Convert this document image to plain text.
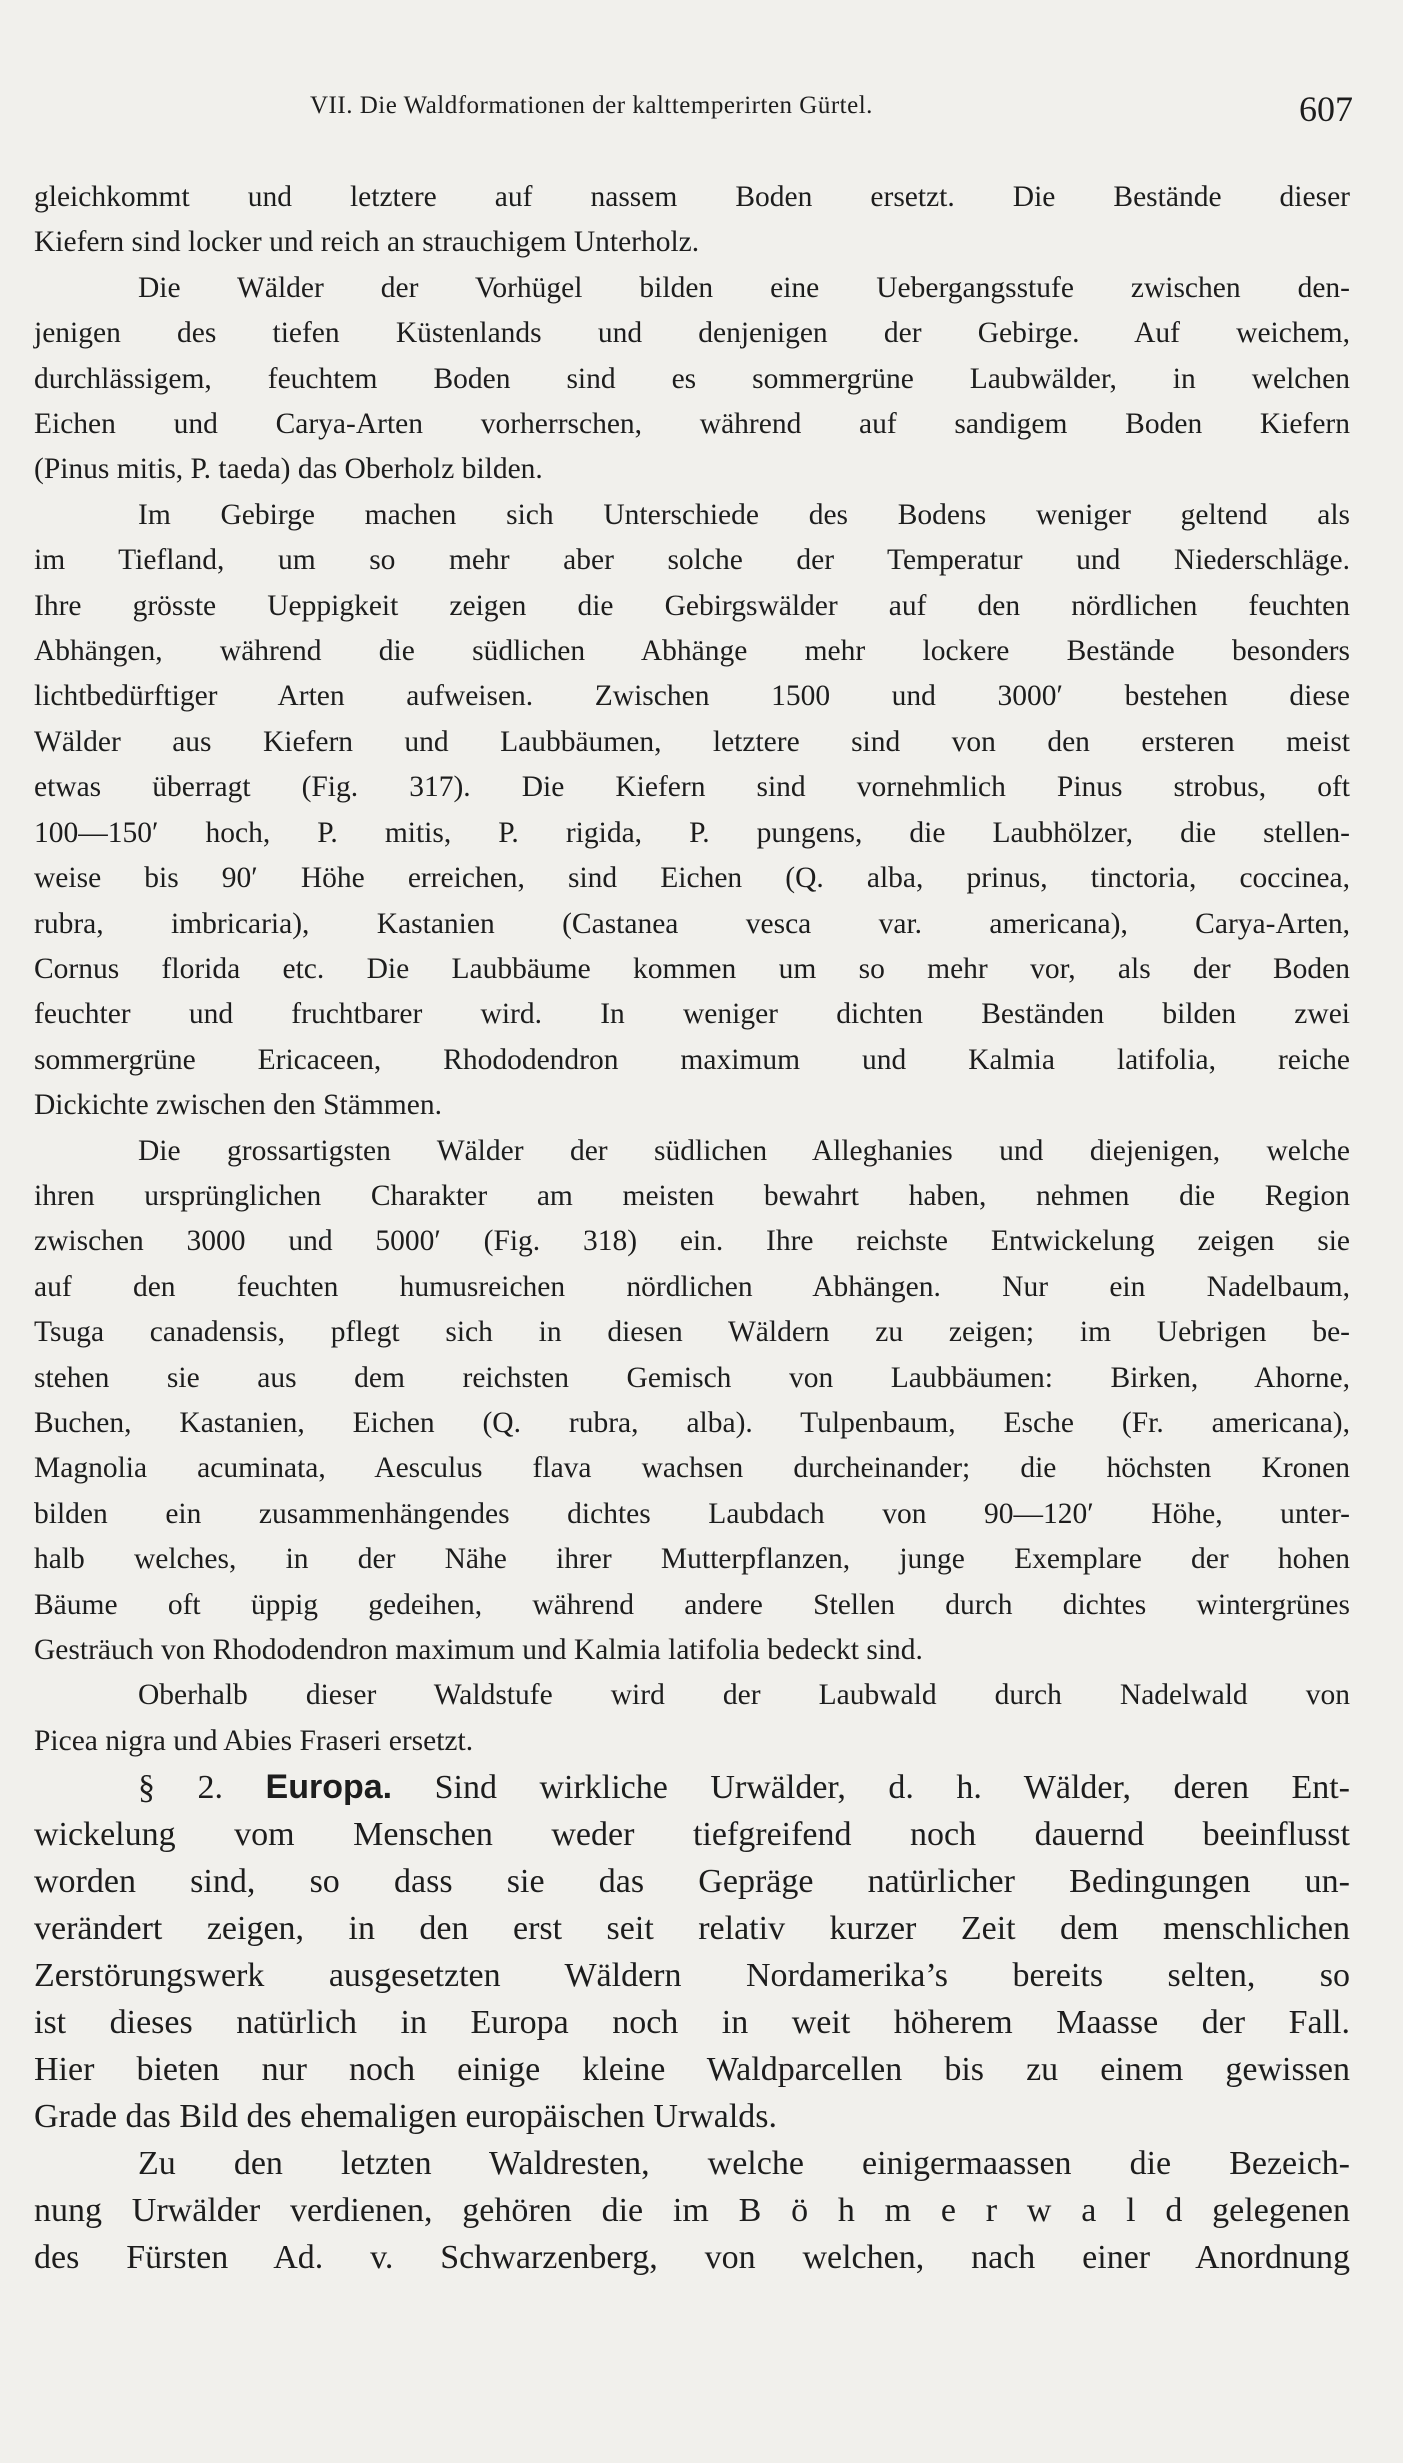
VII. Die Waldformationen der kalttemperirten Gürtel.	607
gleichkommt und letztere auf nassem Boden ersetzt. Die Bestände dieser
Kiefern sind locker und reich an strauchigem Unterholz.
Die Wälder der Vorhügel bilden eine Uebergangsstufe zwischen den-
jenigen des tiefen Küstenlands und denjenigen der Gebirge. Auf weichem,
durchlässigem, feuchtem Boden sind es sommergrüne Laubwälder, in welchen
Eichen und Carya-Arten vorherrschen, während auf sandigem Boden Kiefern
(Pinus mitis, P. taeda) das Oberholz bilden.
Im Gebirge machen sich Unterschiede des Bodens weniger geltend als
im Tiefland, um so mehr aber solche der Temperatur und Niederschläge.
Ihre grösste Ueppigkeit zeigen die Gebirgswälder auf den nördlichen feuchten
Abhängen, während die südlichen Abhänge mehr lockere Bestände besonders
lichtbedürftiger Arten aufweisen. Zwischen 1500 und 3000′ bestehen diese
Wälder aus Kiefern und Laubbäumen, letztere sind von den ersteren meist
etwas überragt (Fig. 317). Die Kiefern sind vornehmlich Pinus strobus, oft
100—150′ hoch, P. mitis, P. rigida, P. pungens, die Laubhölzer, die stellen-
weise bis 90′ Höhe erreichen, sind Eichen (Q. alba, prinus, tinctoria, coccinea,
rubra, imbricaria), Kastanien (Castanea vesca var. americana), Carya-Arten,
Cornus florida etc. Die Laubbäume kommen um so mehr vor, als der Boden
feuchter und fruchtbarer wird. In weniger dichten Beständen bilden zwei
sommergrüne Ericaceen, Rhododendron maximum und Kalmia latifolia, reiche
Dickichte zwischen den Stämmen.
Die grossartigsten Wälder der südlichen Alleghanies und diejenigen, welche
ihren ursprünglichen Charakter am meisten bewahrt haben, nehmen die Region
zwischen 3000 und 5000′ (Fig. 318) ein. Ihre reichste Entwickelung zeigen sie
auf den feuchten humusreichen nördlichen Abhängen. Nur ein Nadelbaum,
Tsuga canadensis, pflegt sich in diesen Wäldern zu zeigen; im Uebrigen be-
stehen sie aus dem reichsten Gemisch von Laubbäumen: Birken, Ahorne,
Buchen, Kastanien, Eichen (Q. rubra, alba). Tulpenbaum, Esche (Fr. americana),
Magnolia acuminata, Aesculus flava wachsen durcheinander; die höchsten Kronen
bilden ein zusammenhängendes dichtes Laubdach von 90—120′ Höhe, unter-
halb welches, in der Nähe ihrer Mutterpflanzen, junge Exemplare der hohen
Bäume oft üppig gedeihen, während andere Stellen durch dichtes wintergrünes
Gesträuch von Rhododendron maximum und Kalmia latifolia bedeckt sind.
Oberhalb dieser Waldstufe wird der Laubwald durch Nadelwald von
Picea nigra und Abies Fraseri ersetzt.
§ 2. Europa. Sind wirkliche Urwälder, d. h. Wälder, deren Ent-
wickelung vom Menschen weder tiefgreifend noch dauernd beeinflusst
worden sind, so dass sie das Gepräge natürlicher Bedingungen un-
verändert zeigen, in den erst seit relativ kurzer Zeit dem menschlichen
Zerstörungswerk ausgesetzten Wäldern Nordamerika’s bereits selten, so
ist dieses natürlich in Europa noch in weit höherem Maasse der Fall.
Hier bieten nur noch einige kleine Waldparcellen bis zu einem gewissen
Grade das Bild des ehemaligen europäischen Urwalds.
Zu den letzten Waldresten, welche einigermaassen die Bezeich-
nung Urwälder verdienen, gehören die im B ö h m e r w a l d gelegenen
des Fürsten Ad. v. Schwarzenberg, von welchen, nach einer Anordnung
